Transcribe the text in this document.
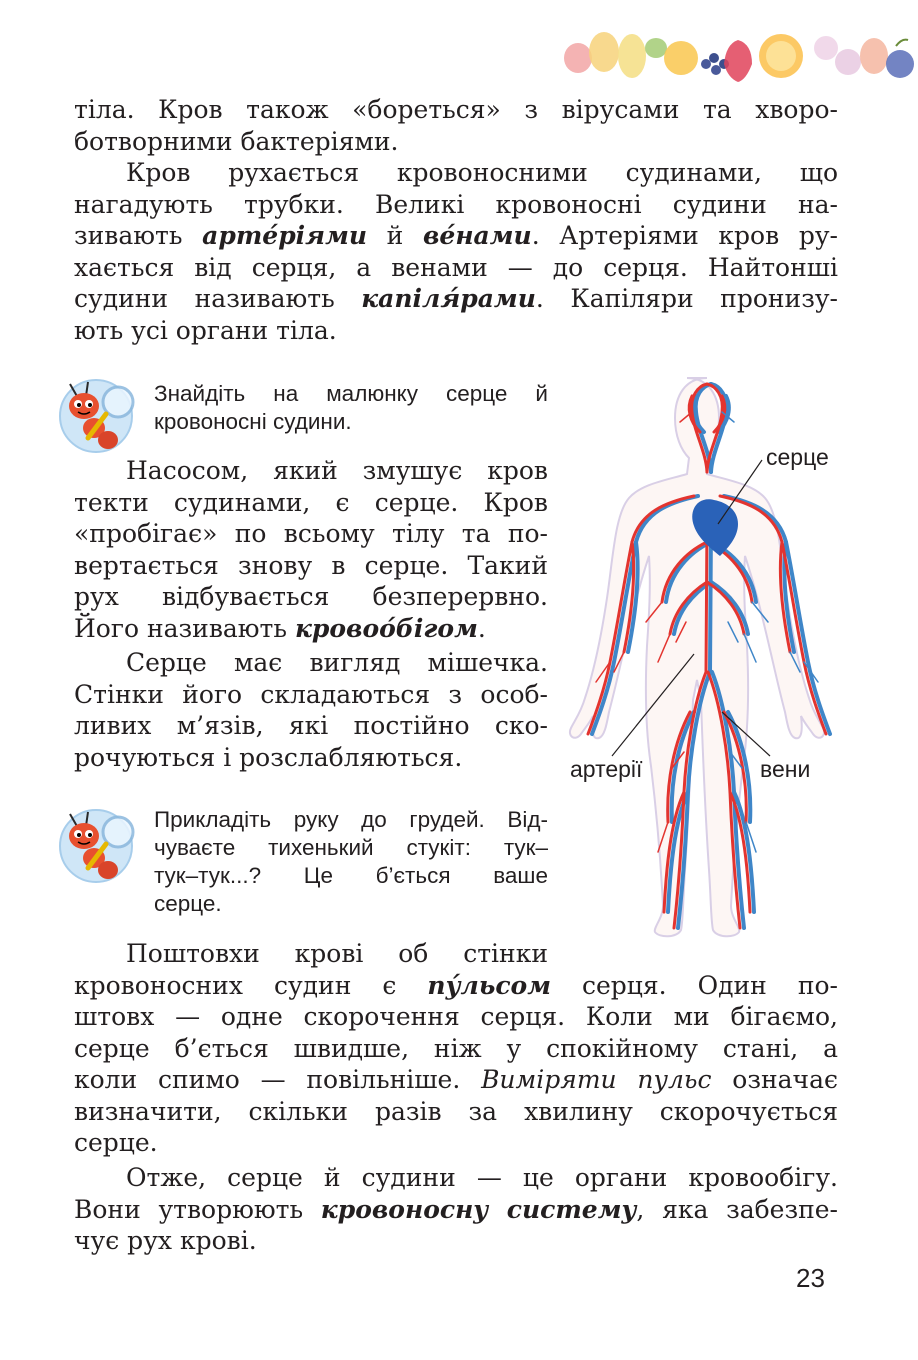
тіла. Кров також «бореться» з вірусами та хворо-
ботворними бактеріями.
Кров рухається кровоносними судинами, що
нагадують трубки. Великі кровоносні судини на-
зивають арте́ріями й ве́нами. Артеріями кров ру-
хається від серця, а венами — до серця. Найтонші
судини називають капіля́рами. Капіляри пронизу-
ють усі органи тіла.
Знайдіть на малюнку серце й
кровоносні судини.
Насосом, який змушує кров
текти судинами, є серце. Кров
«пробігає» по всьому тілу та по-
вертається знову в серце. Такий
рух відбувається безперервно.
Його називають кровоо́бігом.
Серце має вигляд мішечка.
Стінки його складаються з особ-
ливих м’язів, які постійно ско-
рочуються і розслабляються.
Прикладіть руку до грудей. Від-
чуваєте тихенький стукіт: тук–
тук–тук...? Це б’ється ваше
серце.
серце
артерії	вени
Поштовхи крові об стінки
кровоносних судин є пу́льсом серця. Один по-
штовх — одне скорочення серця. Коли ми бігаємо,
серце б’ється швидше, ніж у спокійному стані, а
коли спимо — повільніше. Виміряти пульс означає
визначити, скільки разів за хвилину скорочується
серце.
Отже, серце й судини — це органи кровообігу.
Вони утворюють кровоносну систему, яка забезпе-
чує рух крові.
23
